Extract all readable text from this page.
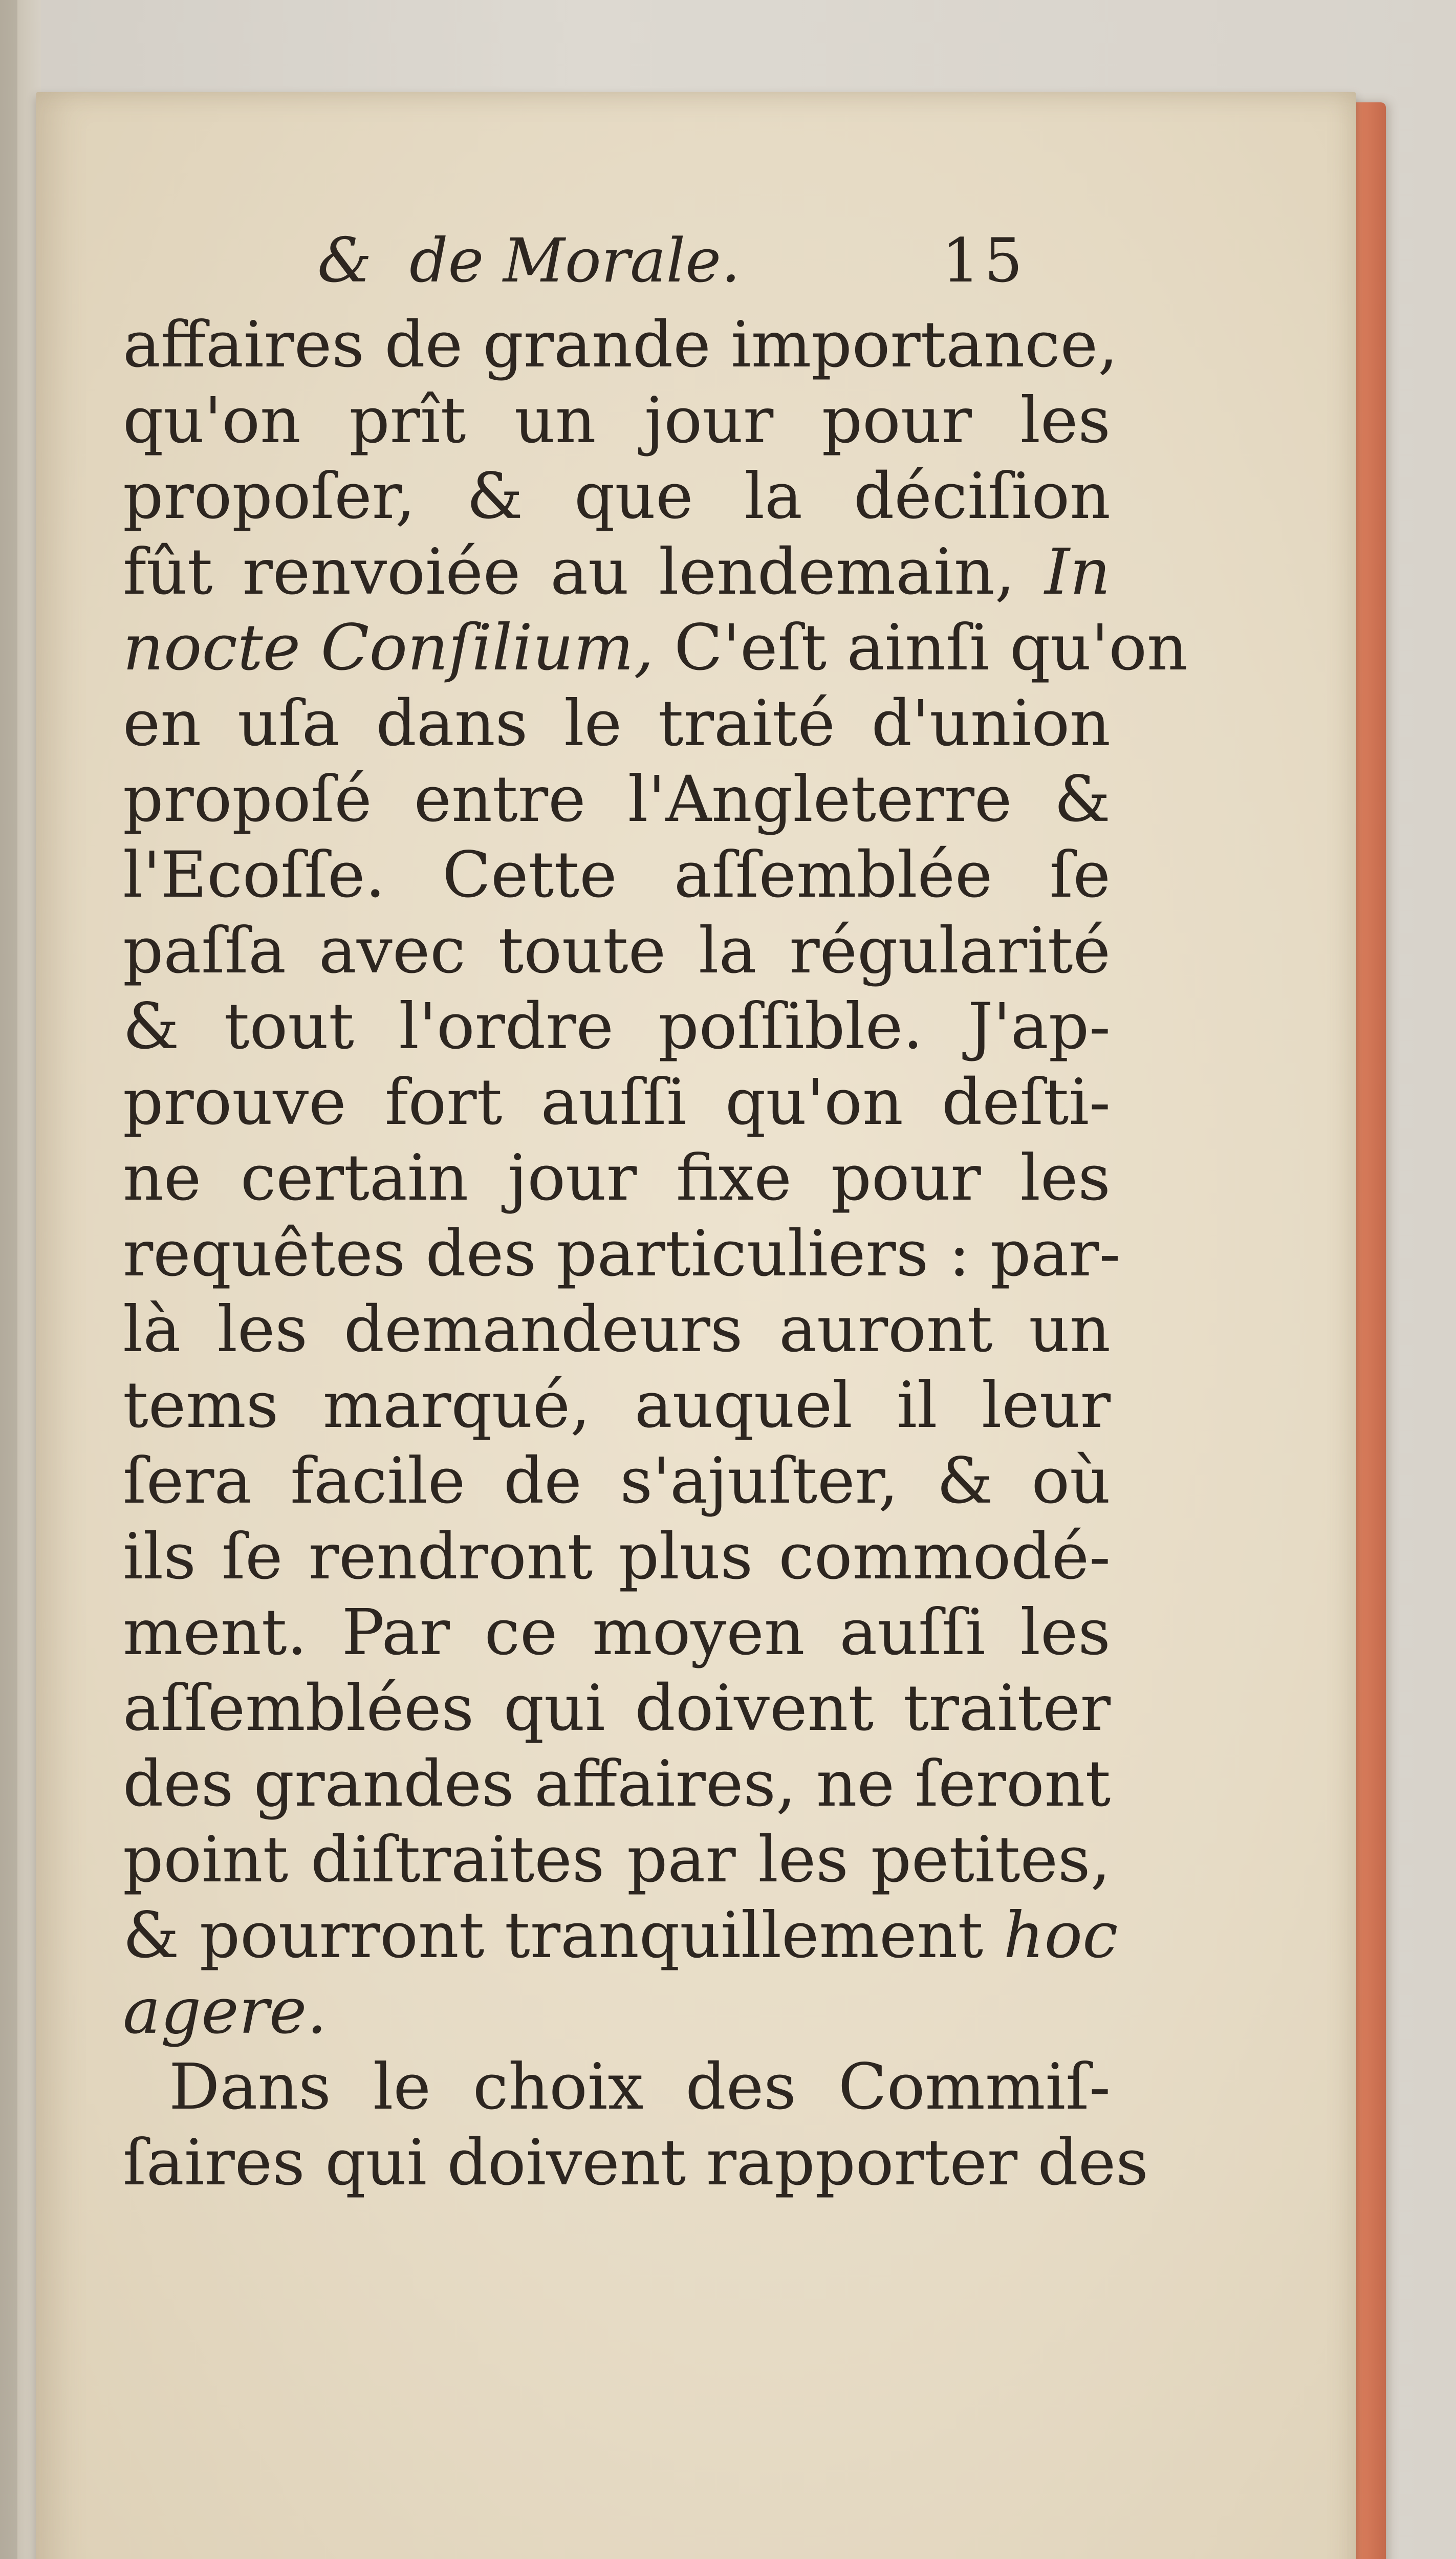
& de Morale.	15
affaires de grande importance,
qu'on prît un jour pour les
propoſer, & que la déciſion
fût renvoiée au lendemain, In
nocte Conſilium, C'eſt ainſi qu'on
en uſa dans le traité d'union
propoſé entre l'Angleterre &
l'Ecoſſe. Cette aſſemblée ſe
paſſa avec toute la régularité
& tout l'ordre poſſible. J'ap-
prouve fort auſſi qu'on deſti-
ne certain jour fixe pour les
requêtes des particuliers : par-
là les demandeurs auront un
tems marqué, auquel il leur
ſera facile de s'ajuſter, & où
ils ſe rendront plus commodé-
ment. Par ce moyen auſſi les
aſſemblées qui doivent traiter
des grandes affaires, ne ſeront
point diſtraites par les petites,
& pourront tranquillement hoc
agere.
Dans le choix des Commiſ-
ſaires qui doivent rapporter des
